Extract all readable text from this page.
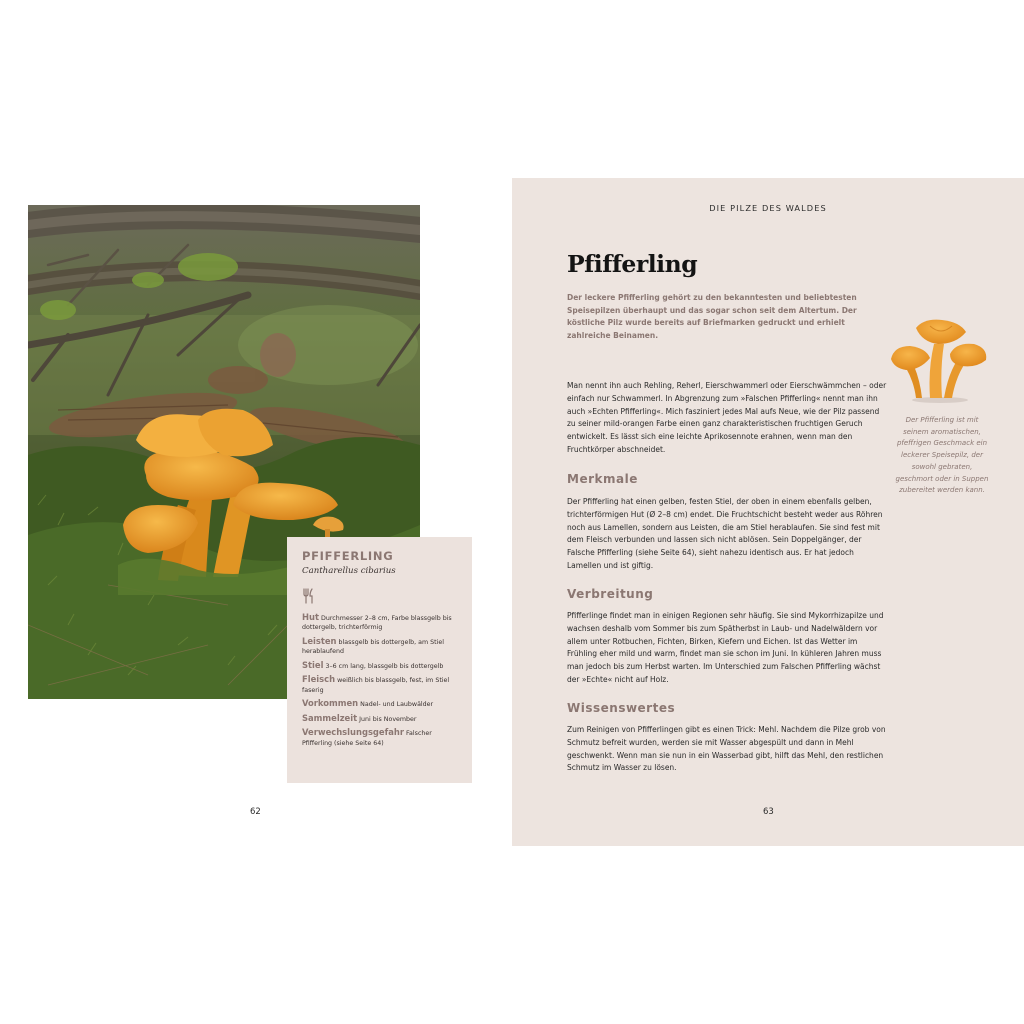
PFIFFERLING
Cantharellus cibarius
Hut Durchmesser 2–8 cm, Farbe blassgelb bis dottergelb, trichterförmig
Leisten blassgelb bis dottergelb, am Stiel herablaufend
Stiel 3–6 cm lang, blassgelb bis dottergelb
Fleisch weißlich bis blassgelb, fest, im Stiel faserig
Vorkommen Nadel- und Laubwälder
Sammelzeit Juni bis November
Verwechslungsgefahr Falscher Pfifferling (siehe Seite 64)
62
DIE PILZE DES WALDES
Pfifferling

Der leckere Pfifferling gehört zu den bekanntesten und beliebtesten Speisepilzen überhaupt und das sogar schon seit dem Altertum. Der köstliche Pilz wurde bereits auf Briefmarken gedruckt und erhielt zahlreiche Beinamen.

Man nennt ihn auch Rehling, Reherl, Eierschwammerl oder Eierschwämmchen – oder einfach nur Schwammerl. In Abgrenzung zum »Falschen Pfifferling« nennt man ihn auch »Echten Pfifferling«. Mich fasziniert jedes Mal aufs Neue, wie der Pilz passend zu seiner mild-orangen Farbe einen ganz charakteristischen fruchtigen Geruch entwickelt. Es lässt sich eine leichte Aprikosennote erahnen, wenn man den Fruchtkörper abschneidet.

Merkmale

Der Pfifferling hat einen gelben, festen Stiel, der oben in einem ebenfalls gelben, trichterförmigen Hut (Ø 2–8 cm) endet. Die Fruchtschicht besteht weder aus Röhren noch aus Lamellen, sondern aus Leisten, die am Stiel herablaufen. Sie sind fest mit dem Fleisch verbunden und lassen sich nicht ablösen. Sein Doppelgänger, der Falsche Pfifferling (siehe Seite 64), sieht nahezu identisch aus. Er hat jedoch Lamellen und ist giftig.

Verbreitung

Pfifferlinge findet man in einigen Regionen sehr häufig. Sie sind Mykorrhizapilze und wachsen deshalb vom Sommer bis zum Spätherbst in Laub- und Nadelwäldern vor allem unter Rotbuchen, Fichten, Birken, Kiefern und Eichen. Ist das Wetter im Frühling eher mild und warm, findet man sie schon im Juni. In kühleren Jahren muss man jedoch bis zum Herbst warten. Im Unterschied zum Falschen Pfifferling wächst der »Echte« nicht auf Holz.

Wissenswertes

Zum Reinigen von Pfifferlingen gibt es einen Trick: Mehl. Nachdem die Pilze grob von Schmutz befreit wurden, werden sie mit Wasser abgespült und dann in Mehl geschwenkt. Wenn man sie nun in ein Wasserbad gibt, hilft das Mehl, den restlichen Schmutz im Wasser zu lösen.

Der Pfifferling ist mit seinem aromatischen, pfeffrigen Geschmack ein leckerer Speisepilz, der sowohl gebraten, geschmort oder in Suppen zubereitet werden kann.

63
